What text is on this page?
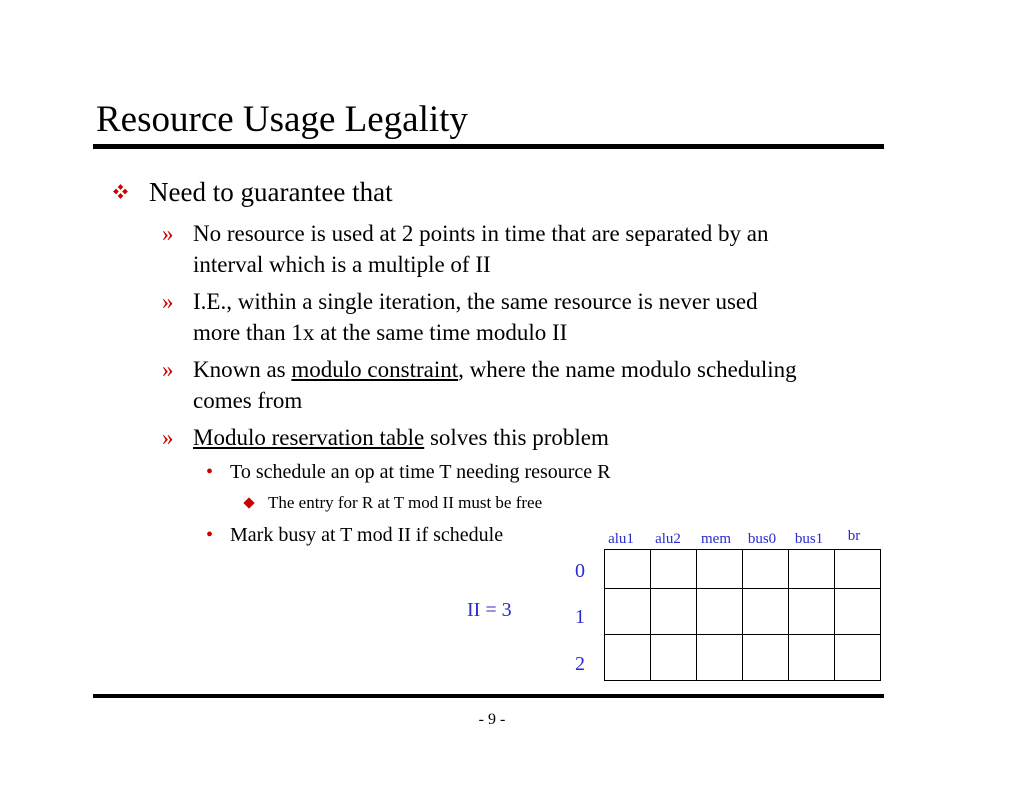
Resource Usage Legality
Need to guarantee that
» No resource is used at 2 points in time that are separated by an
interval which is a multiple of II
» I.E., within a single iteration, the same resource is never used
more than 1x at the same time modulo II
» Known as modulo constraint, where the name modulo scheduling
comes from
» Modulo reservation table solves this problem
• To schedule an op at time T needing resource R
The entry for R at T mod II must be free
• Mark busy at T mod II if schedule
II = 3
alu1	alu2	mem	bus0	bus1	br
0
1
2

- 9 -
